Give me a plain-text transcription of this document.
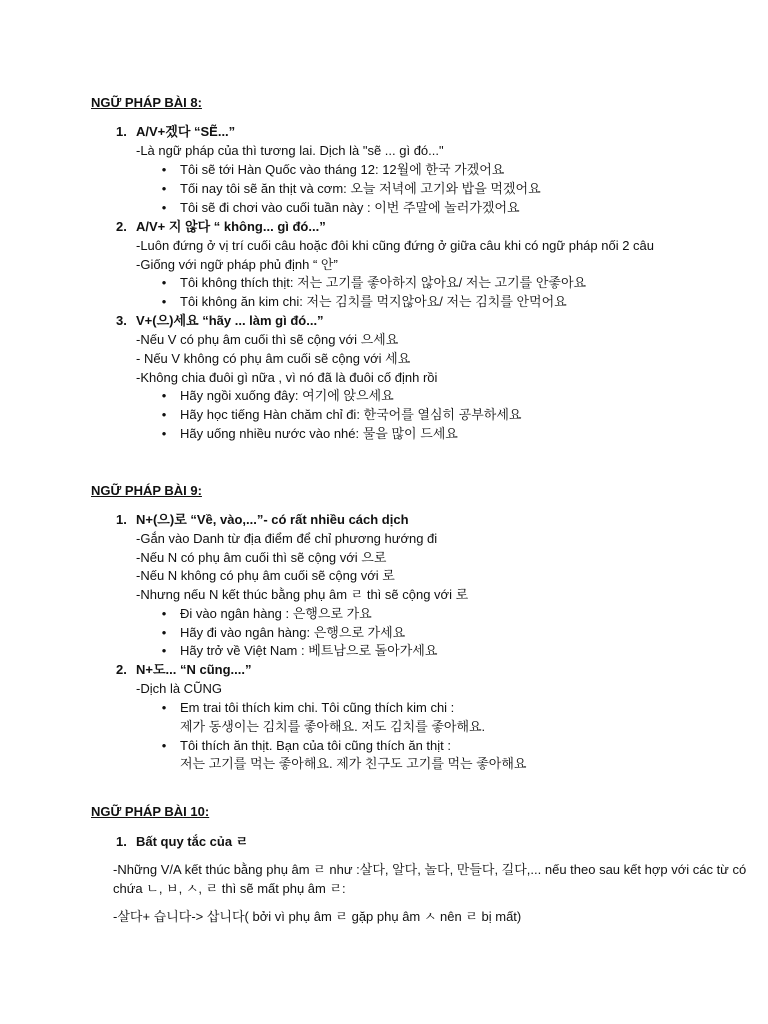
NGỮ PHÁP BÀI 8:
1. A/V+겠다 “SẼ...”
-Là ngữ pháp của thì tương lai. Dịch là "sẽ ... gì đó..."
• Tôi sẽ tới Hàn Quốc vào tháng 12: 12월에 한국 가겠어요
• Tối nay tôi sẽ ăn thịt và cơm: 오늘 저녁에 고기와 밥을 먹겠어요
• Tôi sẽ đi chơi vào cuối tuần này : 이번 주말에 놀러가겠어요
2. A/V+ 지 않다 “ không... gì đó...”
-Luôn đứng ở vị trí cuối câu hoặc đôi khi cũng đứng ở giữa câu khi có ngữ pháp nối 2 câu
-Giống với ngữ pháp phủ định “ 안”
• Tôi không thích thịt: 저는 고기를 좋아하지 않아요/ 저는 고기를 안좋아요
• Tôi không ăn kim chi: 저는 김치를 먹지않아요/ 저는 김치를 안먹어요
3. V+(으)세요 “hãy ... làm gì đó...”
-Nếu V có phụ âm cuối thì sẽ cộng với 으세요
- Nếu V không có phụ âm cuối sẽ cộng với 세요
-Không chia đuôi gì nữa , vì nó đã là đuôi cố định rồi
• Hãy ngồi xuống đây: 여기에 앉으세요
• Hãy học tiếng Hàn chăm chỉ đi: 한국어를 열심히 공부하세요
• Hãy uống nhiều nước vào nhé: 물을 많이 드세요
NGỮ PHÁP BÀI 9:
1. N+(으)로 “Về, vào,...”- có rất nhiều cách dịch
-Gắn vào Danh từ địa điểm để chỉ phương hướng đi
-Nếu N có phụ âm cuối thì sẽ cộng với 으로
-Nếu N không có phụ âm cuối sẽ cộng với 로
-Nhưng nếu N kết thúc bằng phụ âm ㄹ thì sẽ cộng với 로
• Đi vào ngân hàng : 은행으로 가요
• Hãy đi vào ngân hàng: 은행으로 가세요
• Hãy trở về Việt Nam : 베트남으로 돌아가세요
2. N+도... “N cũng....”
-Dịch là CŨNG
• Em trai tôi thích kim chi. Tôi cũng thích kim chi :
제가 동생이는 김치를 좋아해요. 저도 김치를 좋아해요.
• Tôi thích ăn thịt. Bạn của tôi cũng thích ăn thịt :
저는 고기를 먹는 좋아해요. 제가 친구도 고기를 먹는 좋아해요
NGỮ PHÁP BÀI 10:
1. Bất quy tắc của ㄹ
-Những V/A kết thúc bằng phụ âm ㄹ như :살다, 알다, 놀다, 만들다, 길다,... nếu theo sau kết hợp với các từ có
chứa ㄴ, ㅂ, ㅅ, ㄹ thì sẽ mất phụ âm ㄹ:
-살다+ 습니다-> 삽니다( bởi vì phụ âm ㄹ gặp phụ âm ㅅ nên ㄹ bị mất)
